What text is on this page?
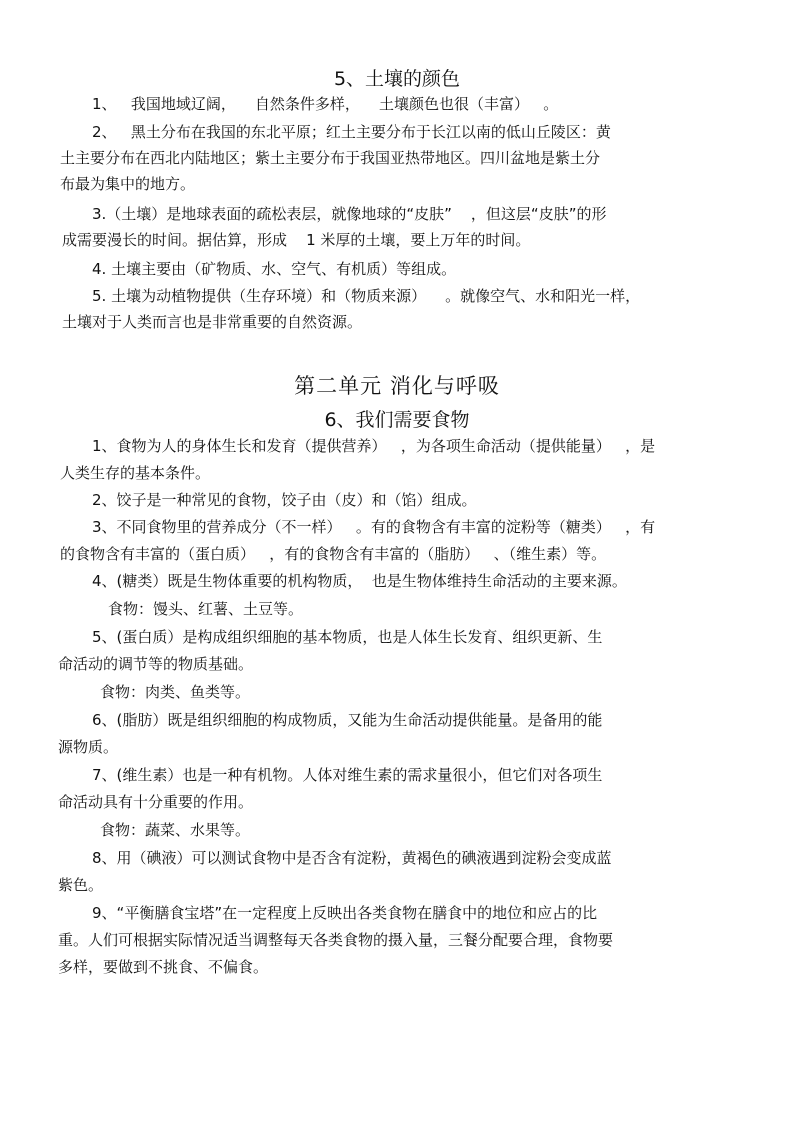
5、土壤的颜色
1、   我国地域辽阔，    自然条件多样，    土壤颜色也很（丰富）   。
2、   黑土分布在我国的东北平原；红土主要分布于长江以南的低山丘陵区：黄
土主要分布在西北内陆地区；紫土主要分布于我国亚热带地区。四川盆地是紫土分
布最为集中的地方。
3.（土壤）是地球表面的疏松表层，就像地球的“皮肤”    ，但这层“皮肤”的形
成需要漫长的时间。据估算，形成    1 米厚的土壤，要上万年的时间。
4. 土壤主要由（矿物质、水、空气、有机质）等组成。
5. 土壤为动植物提供（生存环境）和（物质来源）    。就像空气、水和阳光一样，
土壤对于人类而言也是非常重要的自然资源。
第二单元 消化与呼吸
6、我们需要食物
1、食物为人的身体生长和发育（提供营养）   ，为各项生命活动（提供能量）   ，是
人类生存的基本条件。
2、饺子是一种常见的食物，饺子由（皮）和（馅）组成。
3、不同食物里的营养成分（不一样）   。有的食物含有丰富的淀粉等（糖类）   ，有
的食物含有丰富的（蛋白质）   ，有的食物含有丰富的（脂肪）   、（维生素）等。
4、(糖类）既是生物体重要的机构物质，  也是生物体维持生命活动的主要来源。
食物：馒头、红薯、土豆等。
5、(蛋白质）是构成组织细胞的基本物质，也是人体生长发育、组织更新、生
命活动的调节等的物质基础。
食物：肉类、鱼类等。
6、(脂肪）既是组织细胞的构成物质，又能为生命活动提供能量。是备用的能
源物质。
7、(维生素）也是一种有机物。人体对维生素的需求量很小，但它们对各项生
命活动具有十分重要的作用。
食物：蔬菜、水果等。
8、用（碘液）可以测试食物中是否含有淀粉，黄褐色的碘液遇到淀粉会变成蓝
紫色。
9、“平衡膳食宝塔”在一定程度上反映出各类食物在膳食中的地位和应占的比
重。人们可根据实际情况适当调整每天各类食物的摄入量，三餐分配要合理，食物要
多样，要做到不挑食、不偏食。
